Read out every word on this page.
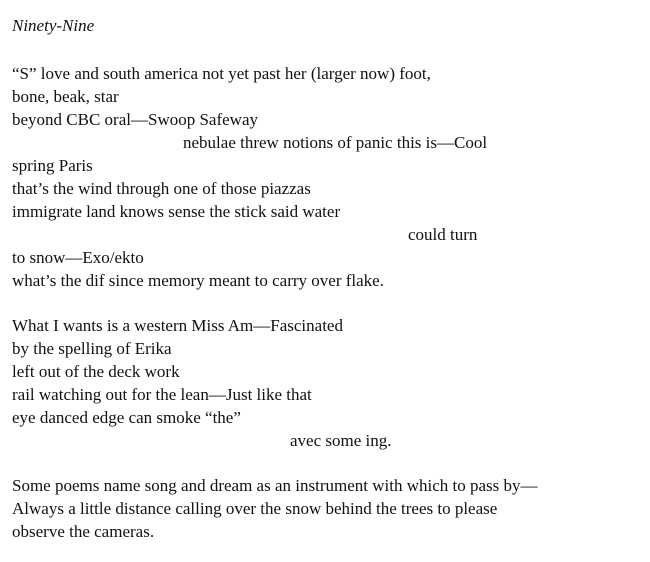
Ninety-Nine
“S” love and south america not yet past her (larger now) foot,
bone, beak, star
beyond CBC oral—Swoop Safeway
nebulae threw notions of panic this is—Cool
spring Paris
that’s the wind through one of those piazzas
immigrate land knows sense the stick said water
could turn
to snow—Exo/ekto
what’s the dif since memory meant to carry over flake.
What I wants is a western Miss Am—Fascinated
by the spelling of Erika
left out of the deck work
rail watching out for the lean—Just like that
eye danced edge can smoke “the”
avec some ing.
Some poems name song and dream as an instrument with which to pass by—
Always a little distance calling over the snow behind the trees to please
observe the cameras.
